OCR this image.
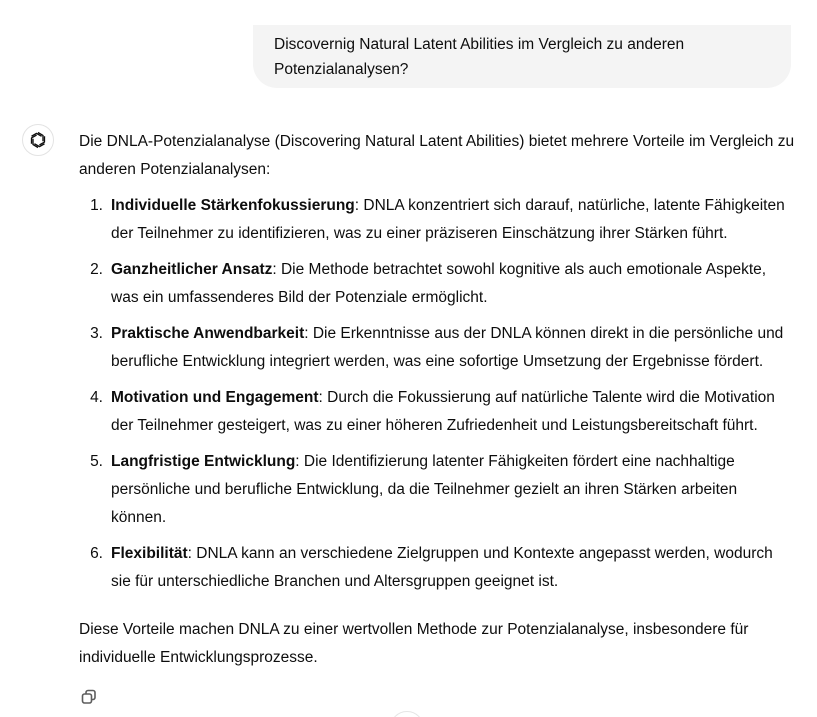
Discovernig Natural Latent Abilities im Vergleich zu anderen Potenzialanalysen?

Die DNLA-Potenzialanalyse (Discovering Natural Latent Abilities) bietet mehrere Vorteile im Vergleich zu anderen Potenzialanalysen:

1. Individuelle Stärkenfokussierung: DNLA konzentriert sich darauf, natürliche, latente Fähigkeiten der Teilnehmer zu identifizieren, was zu einer präziseren Einschätzung ihrer Stärken führt.
2. Ganzheitlicher Ansatz: Die Methode betrachtet sowohl kognitive als auch emotionale Aspekte, was ein umfassenderes Bild der Potenziale ermöglicht.
3. Praktische Anwendbarkeit: Die Erkenntnisse aus der DNLA können direkt in die persönliche und berufliche Entwicklung integriert werden, was eine sofortige Umsetzung der Ergebnisse fördert.
4. Motivation und Engagement: Durch die Fokussierung auf natürliche Talente wird die Motivation der Teilnehmer gesteigert, was zu einer höheren Zufriedenheit und Leistungsbereitschaft führt.
5. Langfristige Entwicklung: Die Identifizierung latenter Fähigkeiten fördert eine nachhaltige persönliche und berufliche Entwicklung, da die Teilnehmer gezielt an ihren Stärken arbeiten können.
6. Flexibilität: DNLA kann an verschiedene Zielgruppen und Kontexte angepasst werden, wodurch sie für unterschiedliche Branchen und Altersgruppen geeignet ist.

Diese Vorteile machen DNLA zu einer wertvollen Methode zur Potenzialanalyse, insbesondere für individuelle Entwicklungsprozesse.
